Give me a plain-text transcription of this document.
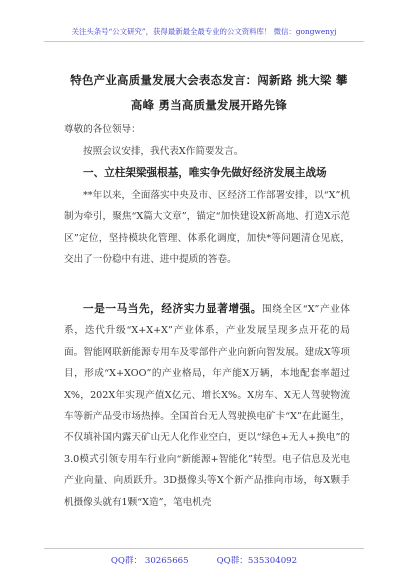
关注头条号“公文研究”，获得最新最全最专业的公文资料库！ 微信：gongwenyj
特色产业高质量发展大会表态发言：闯新路 挑大梁 攀高峰 勇当高质量发展开路先锋
尊敬的各位领导：
按照会议安排，我代表X作简要发言。
一、立柱架梁强根基，唯实争先做好经济发展主战场
**年以来，全面落实中央及市、区经济工作部署安排，以“X”机制为牵引，聚焦“X篇大文章”，锚定“加快建设X新高地、打造X示范区”定位，坚持模块化管理、体系化调度，加快*等问题清仓见底，交出了一份稳中有进、进中提质的答卷。
一是一马当先，经济实力显著增强。围绕全区“X”产业体系，迭代升级“X+X+X”产业体系，产业发展呈现多点开花的局面。智能网联新能源专用车及零部件产业向新向智发展。建成X等项目，形成“X+XOO”的产业格局，年产能X万辆，本地配套率超过X%，202X年实现产值X亿元、增长X%。X房车、X无人驾驶物流车等新产品受市场热捧。全国首台无人驾驶换电矿卡“X”在此诞生，不仅填补国内露天矿山无人化作业空白，更以“绿色+无人+换电”的3.0模式引领专用车行业向“新能源+智能化”转型。电子信息及光电产业向量、向质跃升。3D摄像头等X个新产品推向市场，每X颗手机摄像头就有1颗“X造”，笔电机壳
QQ群： 30265665	QQ群：535304092
